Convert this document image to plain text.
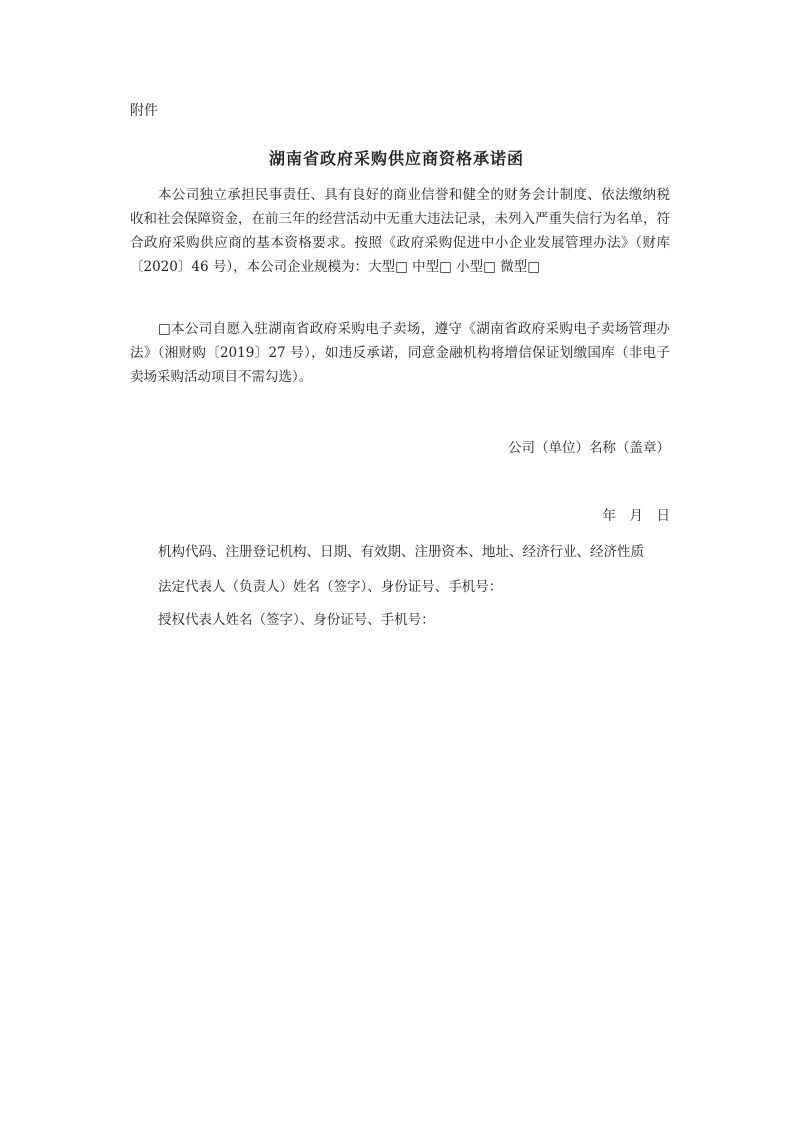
附件
湖南省政府采购供应商资格承诺函
本公司独立承担民事责任、具有良好的商业信誉和健全的财务会计制度、依法缴纳税收和社会保障资金，在前三年的经营活动中无重大违法记录，未列入严重失信行为名单，符合政府采购供应商的基本资格要求。按照《政府采购促进中小企业发展管理办法》（财库〔2020〕46 号），本公司企业规模为：大型□ 中型□ 小型□ 微型□
□本公司自愿入驻湖南省政府采购电子卖场，遵守《湖南省政府采购电子卖场管理办法》（湘财购〔2019〕27 号），如违反承诺，同意金融机构将增信保证划缴国库（非电子卖场采购活动项目不需勾选）。
公司（单位）名称（盖章）
年　月　日
机构代码、注册登记机构、日期、有效期、注册资本、地址、经济行业、经济性质
法定代表人（负责人）姓名（签字）、身份证号、手机号：
授权代表人姓名（签字）、身份证号、手机号：
